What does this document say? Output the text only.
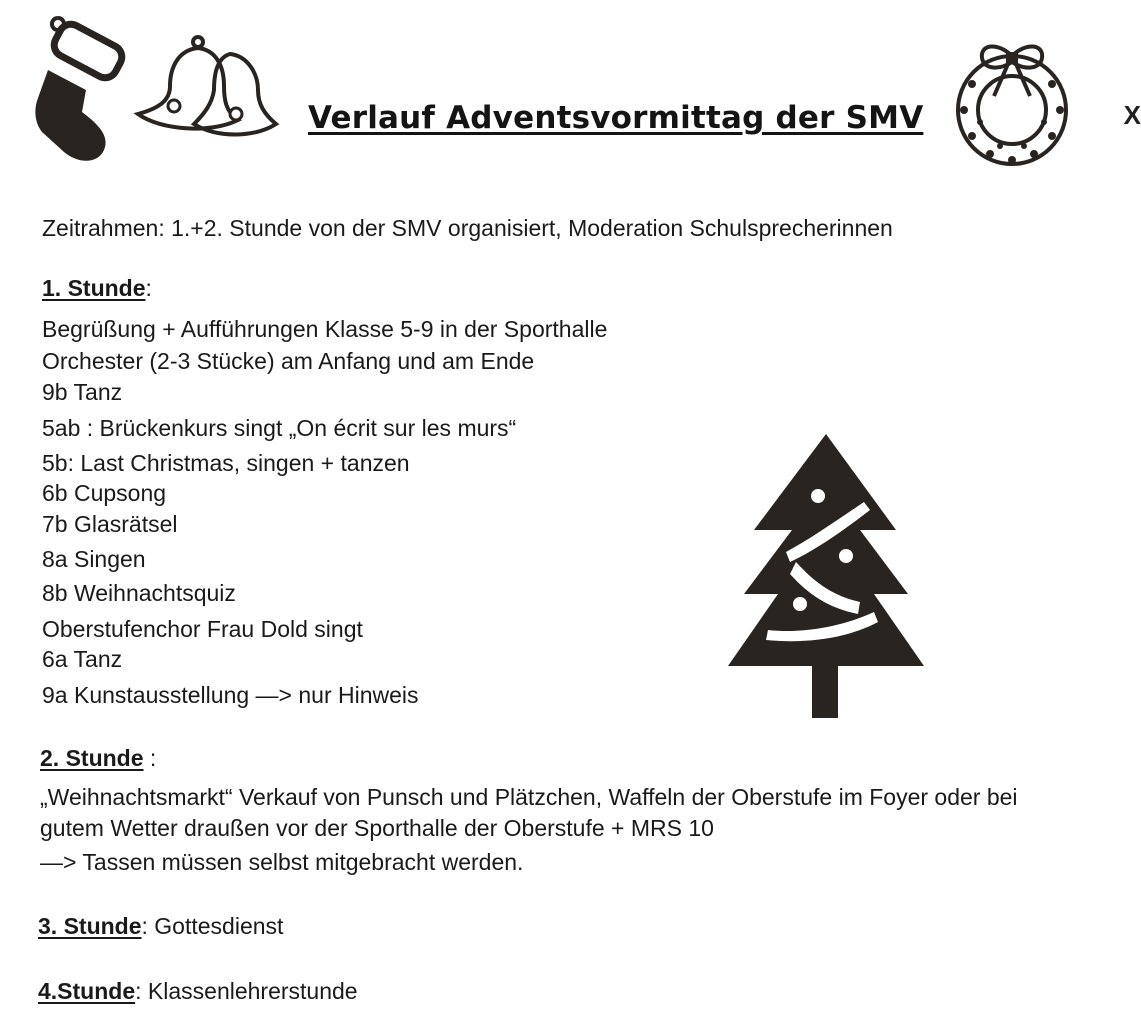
Verlauf Adventsvormittag der SMV	X
Zeitrahmen: 1.+2. Stunde von der SMV organisiert, Moderation Schulsprecherinnen
1. Stunde:
Begrüßung + Aufführungen Klasse 5-9 in der Sporthalle
Orchester (2-3 Stücke) am Anfang und am Ende
9b Tanz
5ab : Brückenkurs singt „On écrit sur les murs“
5b: Last Christmas, singen + tanzen
6b Cupsong
7b Glasrätsel
8a Singen
8b Weihnachtsquiz
Oberstufenchor Frau Dold singt
6a Tanz
9a Kunstausstellung —> nur Hinweis
2. Stunde :
„Weihnachtsmarkt“ Verkauf von Punsch und Plätzchen, Waffeln der Oberstufe im Foyer oder bei
gutem Wetter draußen vor der Sporthalle der Oberstufe + MRS 10
—> Tassen müssen selbst mitgebracht werden.
3. Stunde: Gottesdienst
4.Stunde: Klassenlehrerstunde
